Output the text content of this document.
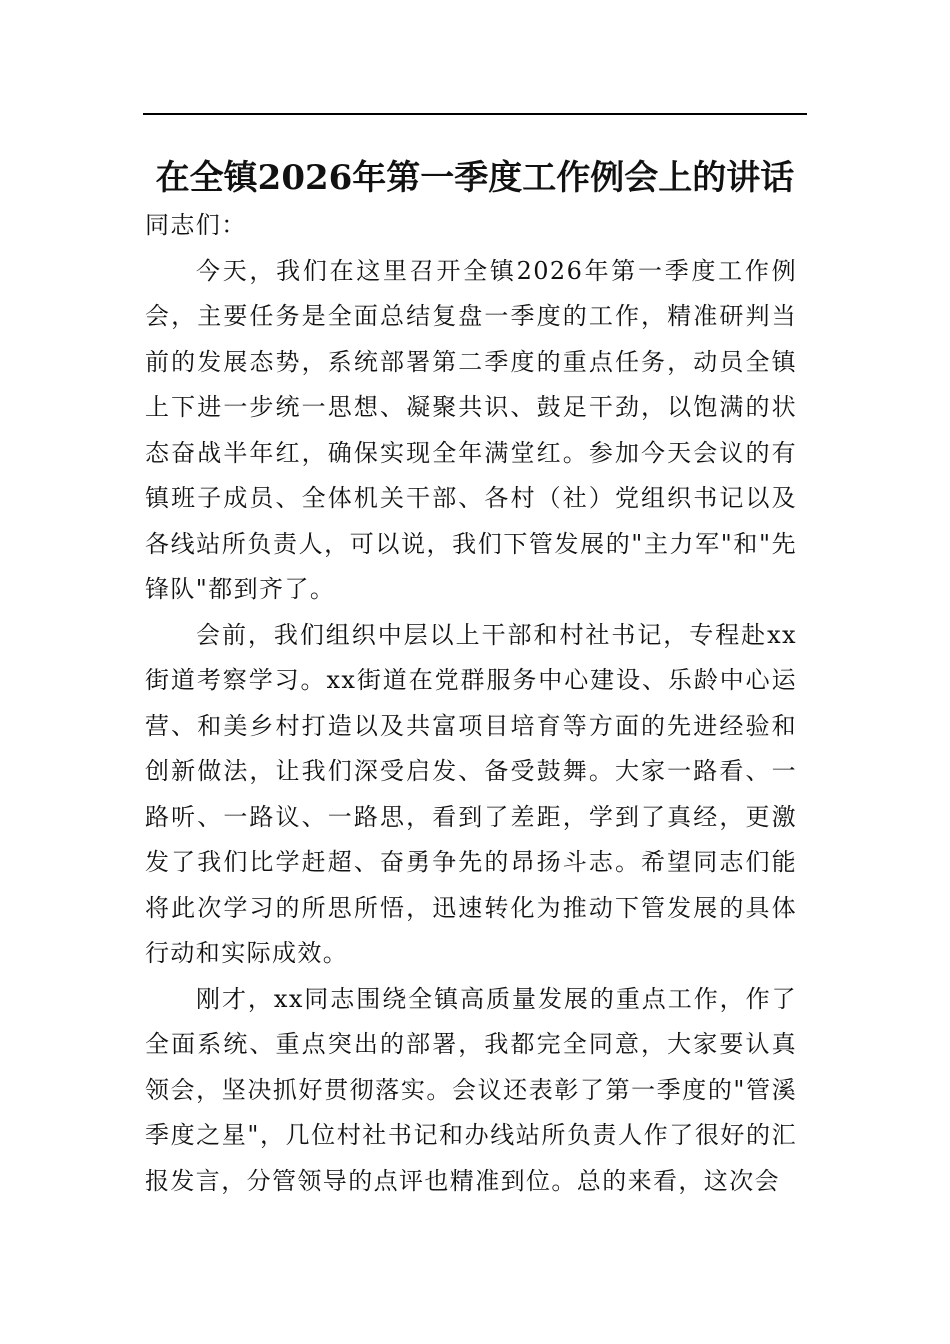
在全镇2026年第一季度工作例会上的讲话

同志们：

今天，我们在这里召开全镇2026年第一季度工作例会，主要任务是全面总结复盘一季度的工作，精准研判当前的发展态势，系统部署第二季度的重点任务，动员全镇上下进一步统一思想、凝聚共识、鼓足干劲，以饱满的状态奋战半年红，确保实现全年满堂红。参加今天会议的有镇班子成员、全体机关干部、各村（社）党组织书记以及各线站所负责人，可以说，我们下管发展的"主力军"和"先锋队"都到齐了。

会前，我们组织中层以上干部和村社书记，专程赴xx街道考察学习。xx街道在党群服务中心建设、乐龄中心运营、和美乡村打造以及共富项目培育等方面的先进经验和创新做法，让我们深受启发、备受鼓舞。大家一路看、一路听、一路议、一路思，看到了差距，学到了真经，更激发了我们比学赶超、奋勇争先的昂扬斗志。希望同志们能将此次学习的所思所悟，迅速转化为推动下管发展的具体行动和实际成效。

刚才，xx同志围绕全镇高质量发展的重点工作，作了全面系统、重点突出的部署，我都完全同意，大家要认真领会，坚决抓好贯彻落实。会议还表彰了第一季度的"管溪季度之星"，几位村社书记和办线站所负责人作了很好的汇报发言，分管领导的点评也精准到位。总的来看，这次会
